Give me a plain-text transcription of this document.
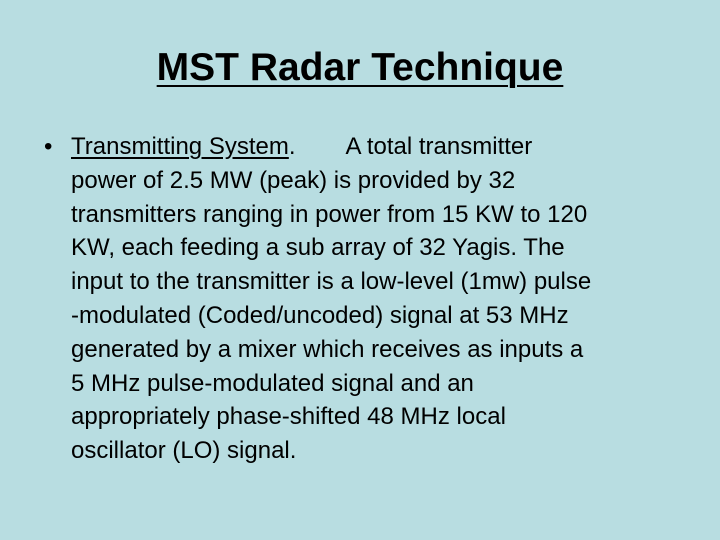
MST Radar Technique
• Transmitting System. A total transmitter
power of 2.5 MW (peak) is provided by 32
transmitters ranging in power from 15 KW to 120
KW, each feeding a sub array of 32 Yagis. The
input to the transmitter is a low-level (1mw) pulse
-modulated (Coded/uncoded) signal at 53 MHz
generated by a mixer which receives as inputs a
5 MHz pulse-modulated signal and an
appropriately phase-shifted 48 MHz local
oscillator (LO) signal.
